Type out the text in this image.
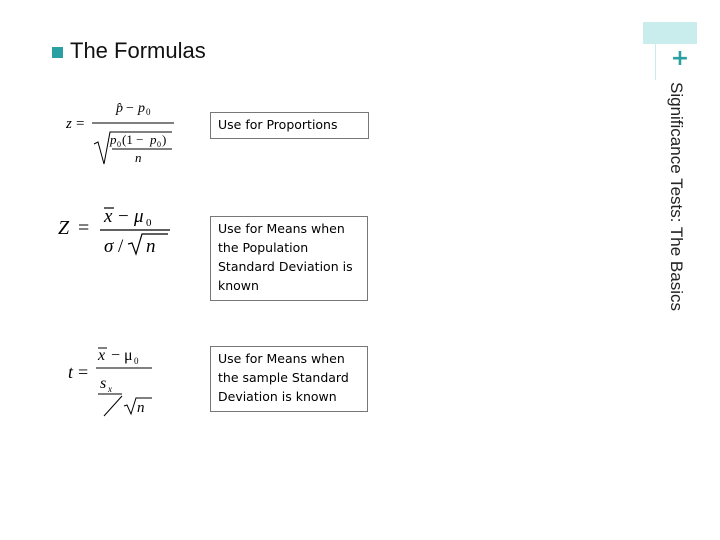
+
Significance Tests: The Basics
The Formulas
z =
p̂ − p 0
p 0 (1 − p 0 )
n
Use for Proportions
Z =
x − μ 0
σ / n
Use for Means when the Population Standard Deviation is known
t =
x − μ 0
s x
n
Use for Means when the sample Standard Deviation is known
